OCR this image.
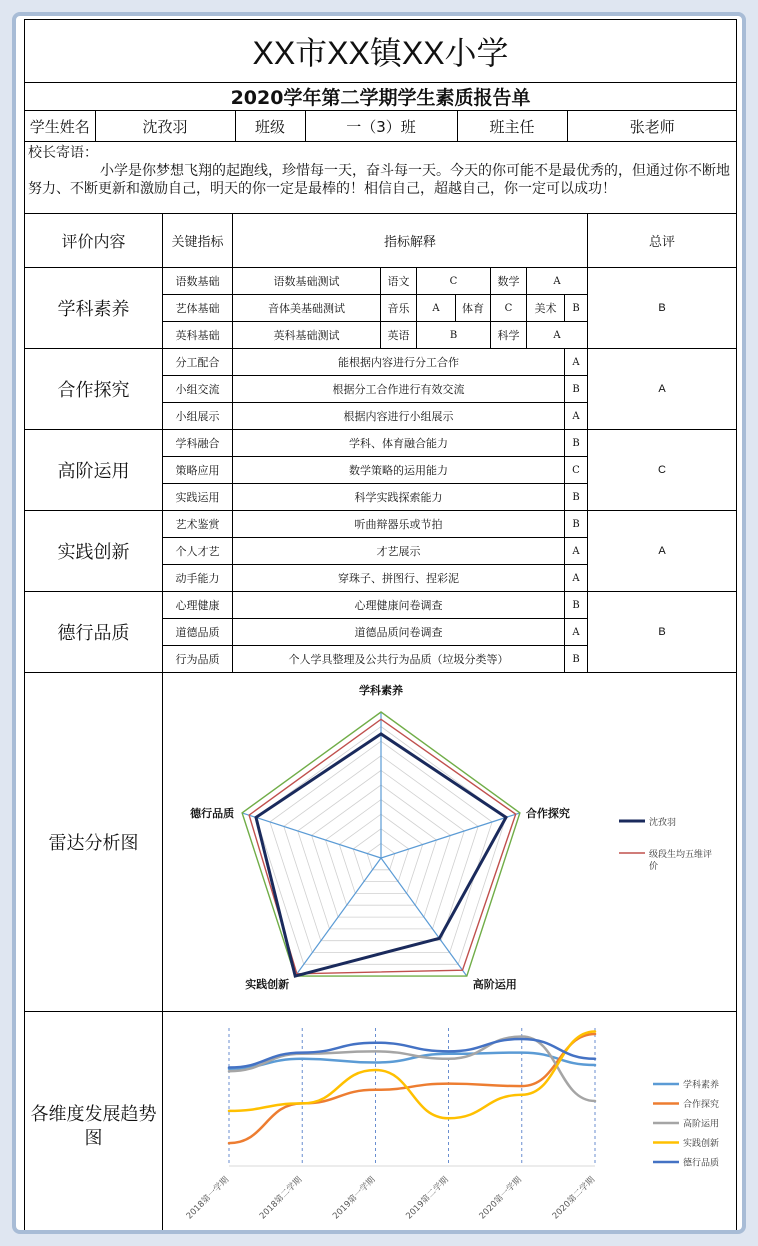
XX市XX镇XX小学
2020学年第二学期学生素质报告单

学生姓名	沈孜羽	班级	一（3）班	班主任	张老师

校长寄语：
小学是你梦想飞翔的起跑线，珍惜每一天，奋斗每一天。今天的你可能不是最优秀的，但通过你不断地努力、不断更新和激励自己，明天的你一定是最棒的！相信自己，超越自己，你一定可以成功！

评价内容	关键指标	指标解释	总评
学科素养	语数基础	语数基础测试	语文	C	数学	A	B
艺体基础	音体美基础测试	音乐	A	体育	C	美术	B
英科基础	英科基础测试	英语	B	科学	A
合作探究	分工配合	能根据内容进行分工合作	A	A
小组交流	根据分工合作进行有效交流	B
小组展示	根据内容进行小组展示	A
高阶运用	学科融合	学科、体育融合能力	B	C
策略应用	数学策略的运用能力	C
实践运用	科学实践探索能力	B
实践创新	艺术鉴赏	听曲辩器乐或节拍	B	A
个人才艺	才艺展示	A
动手能力	穿珠子、拼图行、捏彩泥	A
德行品质	心理健康	心理健康问卷调查	B	B
道德品质	道德品质问卷调查	A
行为品质	个人学具整理及公共行为品质（垃圾分类等）	B
雷达分析图	
学科素养
合作探究
高阶运用
实践创新
德行品质
沈孜羽
级段生均五维评价

各维度发展趋势图	
2018第一学期	2018第二学期	2019第一学期	2019第二学期	2020第一学期	2020第二学期
学科素养
合作探究
高阶运用
实践创新
德行品质
